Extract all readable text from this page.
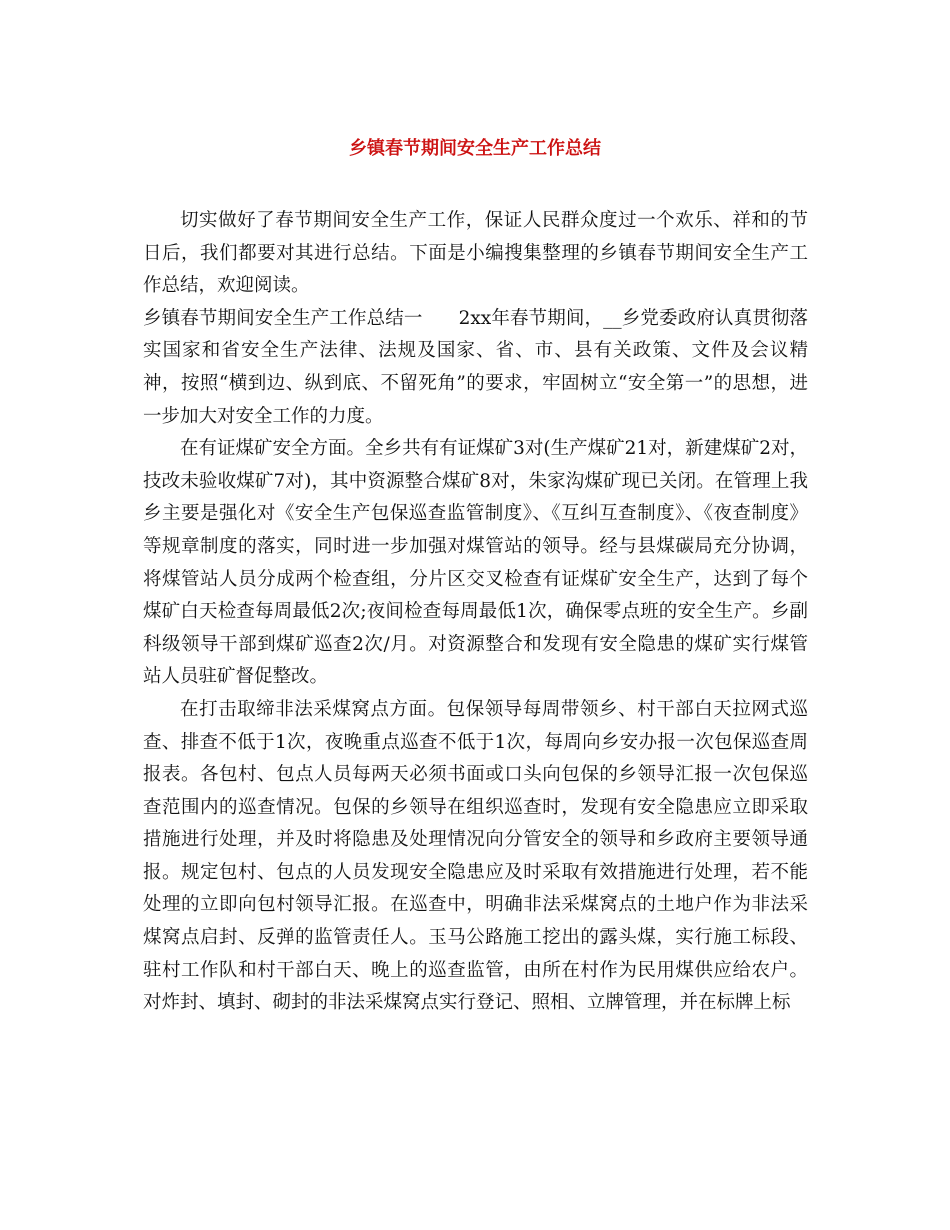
乡镇春节期间安全生产工作总结

切实做好了春节期间安全生产工作，保证人民群众度过一个欢乐、祥和的节日后，我们都要对其进行总结。下面是小编搜集整理的乡镇春节期间安全生产工作总结，欢迎阅读。

乡镇春节期间安全生产工作总结一 2xx年春节期间，__乡党委政府认真贯彻落实国家和省安全生产法律、法规及国家、省、市、县有关政策、文件及会议精神，按照“横到边、纵到底、不留死角”的要求，牢固树立“安全第一”的思想，进一步加大对安全工作的力度。

在有证煤矿安全方面。全乡共有有证煤矿3对(生产煤矿21对，新建煤矿2对，技改未验收煤矿7对)，其中资源整合煤矿8对，朱家沟煤矿现已关闭。在管理上我乡主要是强化对《安全生产包保巡查监管制度》、《互纠互查制度》、《夜查制度》等规章制度的落实，同时进一步加强对煤管站的领导。经与县煤碳局充分协调，将煤管站人员分成两个检查组，分片区交叉检查有证煤矿安全生产，达到了每个煤矿白天检查每周最低2次;夜间检查每周最低1次，确保零点班的安全生产。乡副科级领导干部到煤矿巡查2次/月。对资源整合和发现有安全隐患的煤矿实行煤管站人员驻矿督促整改。

在打击取缔非法采煤窝点方面。包保领导每周带领乡、村干部白天拉网式巡查、排查不低于1次，夜晚重点巡查不低于1次，每周向乡安办报一次包保巡查周报表。各包村、包点人员每两天必须书面或口头向包保的乡领导汇报一次包保巡查范围内的巡查情况。包保的乡领导在组织巡查时，发现有安全隐患应立即采取措施进行处理，并及时将隐患及处理情况向分管安全的领导和乡政府主要领导通报。规定包村、包点的人员发现安全隐患应及时采取有效措施进行处理，若不能处理的立即向包村领导汇报。在巡查中，明确非法采煤窝点的土地户作为非法采煤窝点启封、反弹的监管责任人。玉马公路施工挖出的露头煤，实行施工标段、驻村工作队和村干部白天、晚上的巡查监管，由所在村作为民用煤供应给农户。对炸封、填封、砌封的非法采煤窝点实行登记、照相、立牌管理，并在标牌上标
